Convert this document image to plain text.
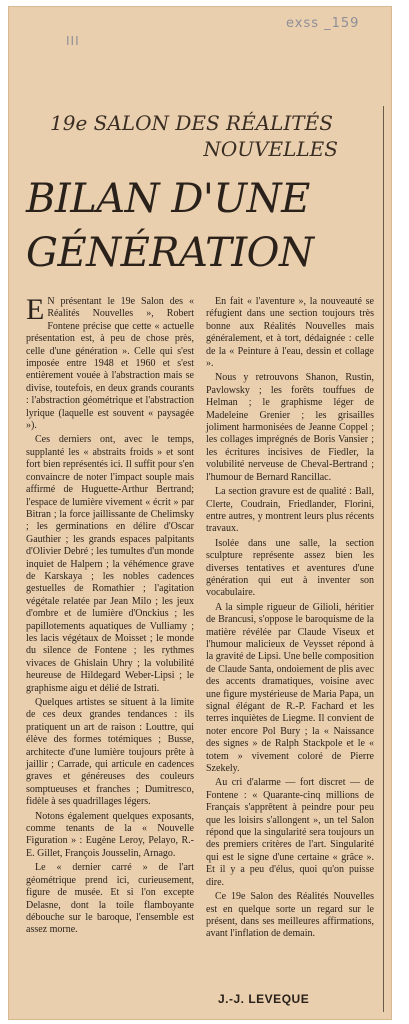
exss _159
III
19e SALON DES RÉALITÉS
NOUVELLES
BILAN D'UNE
GÉNÉRATION

E N présentant le 19e Salon des « Réalités Nouvelles », Robert Fontene précise que cette « actuelle présentation est, à peu de chose près, celle d'une génération ». Celle qui s'est imposée entre 1948 et 1960 et s'est entièrement vouée à l'abstraction mais se divise, toutefois, en deux grands courants : l'abstraction géométrique et l'abstraction lyrique (laquelle est souvent « paysagée »).

Ces derniers ont, avec le temps, supplanté les « abstraits froids » et sont fort bien représentés ici. Il suffit pour s'en convaincre de noter l'impact souple mais affirmé de Huguette-Arthur Bertrand; l'espace de lumière vivement « écrit » par Bitran ; la force jaillissante de Chelimsky ; les germinations en délire d'Oscar Gauthier ; les grands espaces palpitants d'Olivier Debré ; les tumultes d'un monde inquiet de Halpern ; la véhémence grave de Karskaya ; les nobles cadences gestuelles de Romathier ; l'agitation végétale relatée par Jean Milo ; les jeux d'ombre et de lumière d'Onckius ; les papillotements aquatiques de Vulliamy ; les lacis végétaux de Moisset ; le monde du silence de Fontene ; les rythmes vivaces de Ghislain Uhry ; la volubilité heureuse de Hildegard Weber-Lipsi ; le graphisme aigu et délié de Istrati.

Quelques artistes se situent à la limite de ces deux grandes tendances : ils pratiquent un art de raison : Louttre, qui élève des formes totémiques ; Busse, architecte d'une lumière toujours prête à jaillir ; Carrade, qui articule en cadences graves et généreuses des couleurs somptueuses et franches ; Dumitresco, fidèle à ses quadrillages légers.

Notons également quelques exposants, comme tenants de la « Nouvelle Figuration » : Eugène Leroy, Pelayo, R.-E. Gillet, François Jousselin, Arnago.

Le « dernier carré » de l'art géométrique prend ici, curieusement, figure de musée. Et si l'on excepte Delasne, dont la toile flamboyante débouche sur le baroque, l'ensemble est assez morne.

En fait « l'aventure », la nouveauté se réfugient dans une section toujours très bonne aux Réalités Nouvelles mais généralement, et à tort, dédaignée : celle de la « Peinture à l'eau, dessin et collage ».

Nous y retrouvons Shanon, Rustin, Pavlowsky ; les forêts touffues de Helman ; le graphisme léger de Madeleine Grenier ; les grisailles joliment harmonisées de Jeanne Coppel ; les collages imprégnés de Boris Vansier ; les écritures incisives de Fiedler, la volubilité nerveuse de Cheval-Bertrand ; l'humour de Bernard Rancillac.

La section gravure est de qualité : Ball, Clerte, Coudrain, Friedlander, Florini, entre autres, y montrent leurs plus récents travaux.

Isolée dans une salle, la section sculpture représente assez bien les diverses tentatives et aventures d'une génération qui eut à inventer son vocabulaire.

A la simple rigueur de Gilioli, héritier de Brancusi, s'oppose le baroquisme de la matière révélée par Claude Viseux et l'humour malicieux de Veysset répond à la gravité de Lipsi. Une belle composition de Claude Santa, ondoiement de plis avec des accents dramatiques, voisine avec une figure mystérieuse de Maria Papa, un signal élégant de R.-P. Fachard et les terres inquiètes de Liegme. Il convient de noter encore Pol Bury ; la « Naissance des signes » de Ralph Stackpole et le « totem » vivement coloré de Pierre Szekely.

Au cri d'alarme — fort discret — de Fontene : « Quarante-cinq millions de Français s'apprêtent à peindre pour peu que les loisirs s'allongent », un tel Salon répond que la singularité sera toujours un des premiers critères de l'art. Singularité qui est le signe d'une certaine « grâce ». Et il y a peu d'élus, quoi qu'on puisse dire.

Ce 19e Salon des Réalités Nouvelles est en quelque sorte un regard sur le présent, dans ses meilleures affirmations, avant l'inflation de demain.

J.-J. LEVEQUE
